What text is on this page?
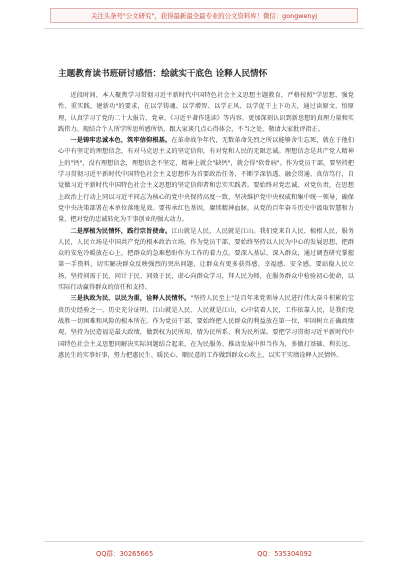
关注头条号"公文研究"，获得最新最全最专业的公文资料库！微信：gongwenyj
主题教育读书班研讨感悟：绘就实干底色 诠释人民情怀

近段时间，本人聚焦学习贯彻习近平新时代中国特色社会主义思想主题教育，严格按照"学思想、强党性、重实践、建新功"的要求，在以学铸魂、以学增智、以学正风、以学促干上下功夫，通过读原文、悟原理，认真学习了党的二十大报告、党章、《习近平著作选读》等内容，更加深刻认识到新思想的真理力量和实践伟力。现结合个人所学所思所感所悟，跟大家谈几点心得体会，不当之处，敬请大家批评指正。

一是铸牢忠诚本色，筑牢信仰根基。在革命战争年代，无数革命先烈之所以能够舍生忘死，就在于他们心中有坚定的理想信念，有对马克思主义的坚定信仰，有对党和人民的无限忠诚。理想信念是共产党人精神上的"钙"，没有理想信念，理想信念不坚定，精神上就会"缺钙"，就会得"软骨病"。作为党员干部，要坚持把学习贯彻习近平新时代中国特色社会主义思想作为首要政治任务，不断学深悟透、融会贯通、真信笃行，自觉做习近平新时代中国特色社会主义思想的坚定信仰者和忠实实践者。要始终对党忠诚、对党负责，在思想上政治上行动上同以习近平同志为核心的党中央保持高度一致，坚决维护党中央权威和集中统一领导，确保党中央决策部署在本单位落地见效。要传承红色基因，赓续精神血脉，从党的百年奋斗历史中汲取智慧和力量，把对党的忠诚转化为干事创业的强大动力。

二是厚植为民情怀，践行宗旨使命。江山就是人民，人民就是江山。我们党来自人民、植根人民、服务人民，人民立场是中国共产党的根本政治立场。作为党员干部，要始终坚持以人民为中心的发展思想，把群众的安危冷暖放在心上，把群众的急难愁盼作为工作的着力点。要深入基层、深入群众，通过调查研究掌握第一手资料，切实解决群众反映强烈的突出问题，让群众有更多获得感、幸福感、安全感。要站稳人民立场，坚持问需于民、问计于民、问效于民，虚心向群众学习，拜人民为师，在服务群众中检验初心使命，以实际行动赢得群众的信任和支持。

三是执政为民、以民为重，诠释人民情怀。"坚持人民至上"是百年来党领导人民进行伟大奋斗积累的宝贵历史经验之一。历史充分证明，江山就是人民、人民就是江山，心中装着人民，工作依靠人民，是我们党战胜一切困难和风险的根本所在。作为党员干部，要始终把人民群众的利益放在第一位，牢固树立正确政绩观，坚持为民造福是最大政绩，做到权为民所用、情为民所系、利为民所谋。要把学习贯彻习近平新时代中国特色社会主义思想同解决实际问题结合起来，在为民服务、推动发展中担当作为，多做打基础、利长远、惠民生的实事好事，努力把惠民生、暖民心、顺民意的工作做到群众心坎上，以实干实绩诠释人民情怀。

QQ群：30265665	QQ：535304092
